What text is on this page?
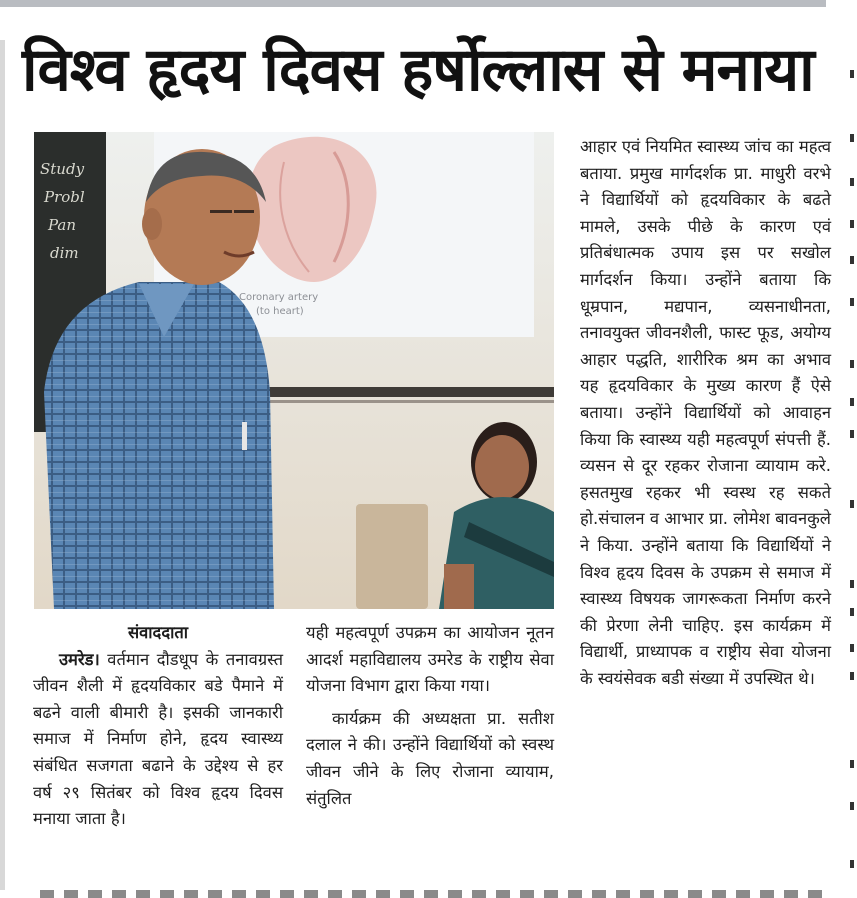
विश्व हृदय दिवस हर्षोल्लास से मनाया
Study
Probl
Pan
dim
Coronary artery
(to heart)
संवाददाता

उमरेड। वर्तमान दौडधूप के तनावग्रस्त जीवन शैली में हृदयविकार बडे पैमाने में बढने वाली बीमारी है। इसकी जानकारी समाज में निर्माण होने, हृदय स्वास्थ्य संबंधित सजगता बढाने के उद्देश्य से हर वर्ष २९ सितंबर को विश्व हृदय दिवस मनाया जाता है।

यही महत्वपूर्ण उपक्रम का आयोजन नूतन आदर्श महाविद्यालय उमरेड के राष्ट्रीय सेवा योजना विभाग द्वारा किया गया।

कार्यक्रम की अध्यक्षता प्रा. सतीश दलाल ने की। उन्होंने विद्यार्थियों को स्वस्थ जीवन जीने के लिए रोजाना व्यायाम, संतुलित

आहार एवं नियमित स्वास्थ्य जांच का महत्व बताया. प्रमुख मार्गदर्शक प्रा. माधुरी वरभे ने विद्यार्थियों को हृदयविकार के बढते मामले, उसके पीछे के कारण एवं प्रतिबंधात्मक उपाय इस पर सखोल मार्गदर्शन किया। उन्होंने बताया कि धूम्रपान, मद्यपान, व्यसनाधीनता, तनावयुक्त जीवनशैली, फास्ट फूड, अयोग्य आहार पद्धति, शारीरिक श्रम का अभाव यह हृदयविकार के मुख्य कारण हैं ऐसे बताया। उन्होंने विद्यार्थियों को आवाहन किया कि स्वास्थ्य यही महत्वपूर्ण संपत्ती हैं. व्यसन से दूर रहकर रोजाना व्यायाम करे. हसतमुख रहकर भी स्वस्थ रह सकते हो.संचालन व आभार प्रा. लोमेश बावनकुले ने किया. उन्होंने बताया कि विद्यार्थियों ने विश्व हृदय दिवस के उपक्रम से समाज में स्वास्थ्य विषयक जागरूकता निर्माण करने की प्रेरणा लेनी चाहिए. इस कार्यक्रम में विद्यार्थी, प्राध्यापक व राष्ट्रीय सेवा योजना के स्वयंसेवक बडी संख्या में उपस्थित थे।
